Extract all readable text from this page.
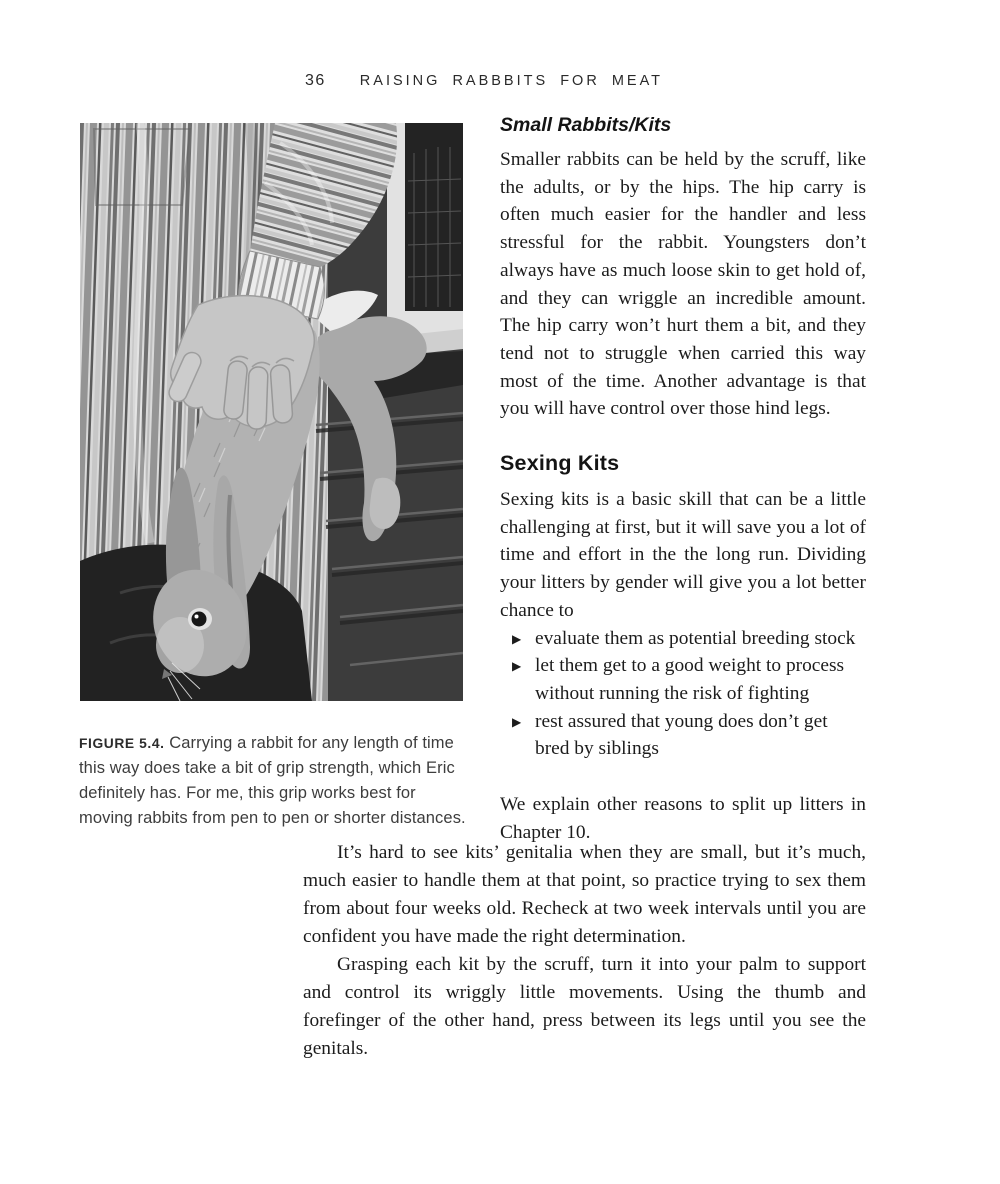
36 RAISING RABBBITS FOR MEAT

FIGURE 5.4. Carrying a rabbit for any length of time this way does take a bit of grip strength, which Eric definitely has. For me, this grip works best for moving rabbits from pen to pen or shorter distances.

Small Rabbits/Kits

Smaller rabbits can be held by the scruff, like the adults, or by the hips. The hip carry is often much easier for the handler and less stressful for the rabbit. Youngsters don’t always have as much loose skin to get hold of, and they can wriggle an incredible amount. The hip carry won’t hurt them a bit, and they tend not to struggle when carried this way most of the time. Another advantage is that you will have control over those hind legs.

Sexing Kits

Sexing kits is a basic skill that can be a little challenging at first, but it will save you a lot of time and effort in the the long run. Dividing your litters by gender will give you a lot better chance to

▶ evaluate them as potential breeding stock
▶ let them get to a good weight to process without running the risk of fighting
▶ rest assured that young does don’t get bred by siblings

We explain other reasons to split up litters in Chapter 10.

It’s hard to see kits’ genitalia when they are small, but it’s much, much easier to handle them at that point, so practice trying to sex them from about four weeks old. Recheck at two week intervals until you are confident you have made the right determination.

Grasping each kit by the scruff, turn it into your palm to support and control its wriggly little movements. Using the thumb and forefinger of the other hand, press between its legs until you see the genitals.
